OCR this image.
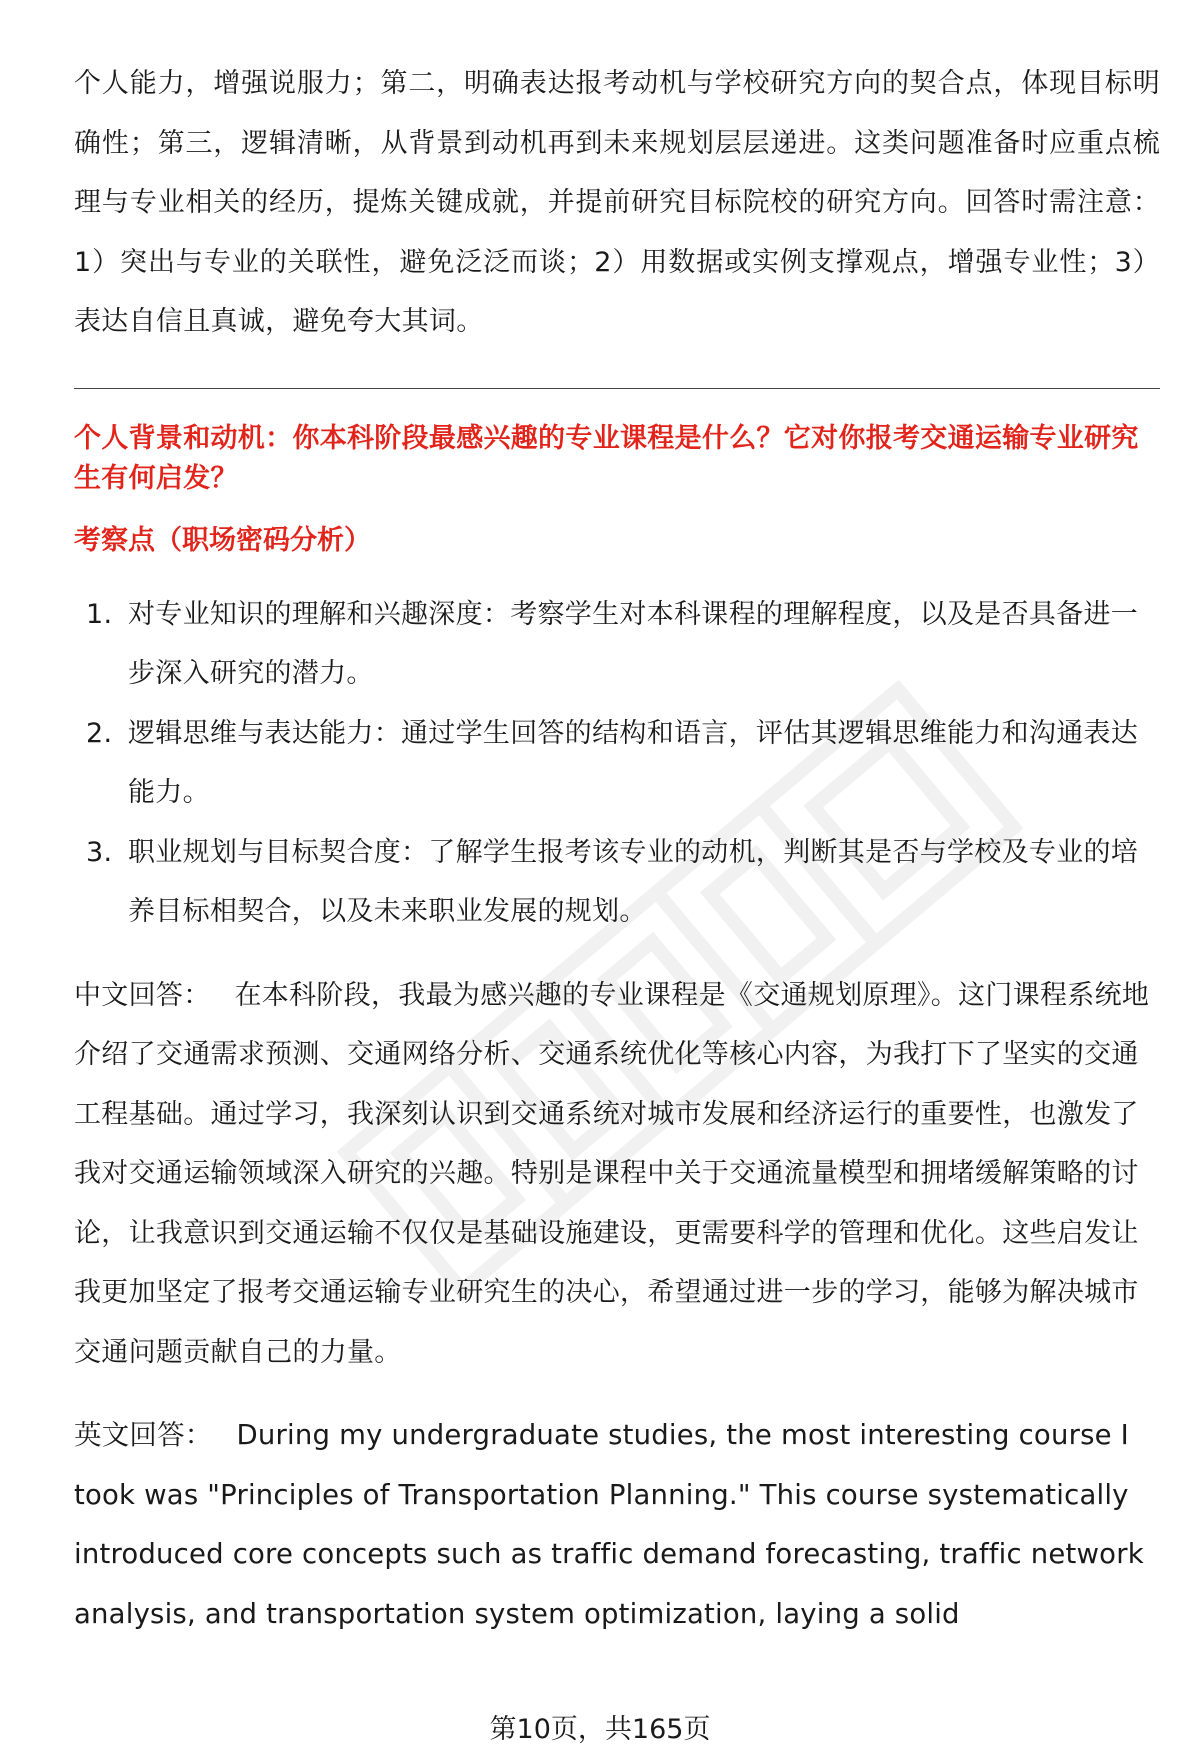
个人能力，增强说服力；第二，明确表达报考动机与学校研究方向的契合点，体现目标明确性；第三，逻辑清晰，从背景到动机再到未来规划层层递进。这类问题准备时应重点梳理与专业相关的经历，提炼关键成就，并提前研究目标院校的研究方向。回答时需注意：1）突出与专业的关联性，避免泛泛而谈；2）用数据或实例支撑观点，增强专业性；3）表达自信且真诚，避免夸大其词。

个人背景和动机：你本科阶段最感兴趣的专业课程是什么？它对你报考交通运输专业研究生有何启发？
考察点（职场密码分析）
1. 对专业知识的理解和兴趣深度：考察学生对本科课程的理解程度，以及是否具备进一步深入研究的潜力。
2. 逻辑思维与表达能力：通过学生回答的结构和语言，评估其逻辑思维能力和沟通表达能力。
3. 职业规划与目标契合度：了解学生报考该专业的动机，判断其是否与学校及专业的培养目标相契合，以及未来职业发展的规划。

中文回答： 在本科阶段，我最为感兴趣的专业课程是《交通规划原理》。这门课程系统地介绍了交通需求预测、交通网络分析、交通系统优化等核心内容，为我打下了坚实的交通工程基础。通过学习，我深刻认识到交通系统对城市发展和经济运行的重要性，也激发了我对交通运输领域深入研究的兴趣。特别是课程中关于交通流量模型和拥堵缓解策略的讨论，让我意识到交通运输不仅仅是基础设施建设，更需要科学的管理和优化。这些启发让我更加坚定了报考交通运输专业研究生的决心，希望通过进一步的学习，能够为解决城市交通问题贡献自己的力量。

英文回答： During my undergraduate studies, the most interesting course I took was "Principles of Transportation Planning." This course systematically introduced core concepts such as traffic demand forecasting, traffic network analysis, and transportation system optimization, laying a solid

第10页，共165页
